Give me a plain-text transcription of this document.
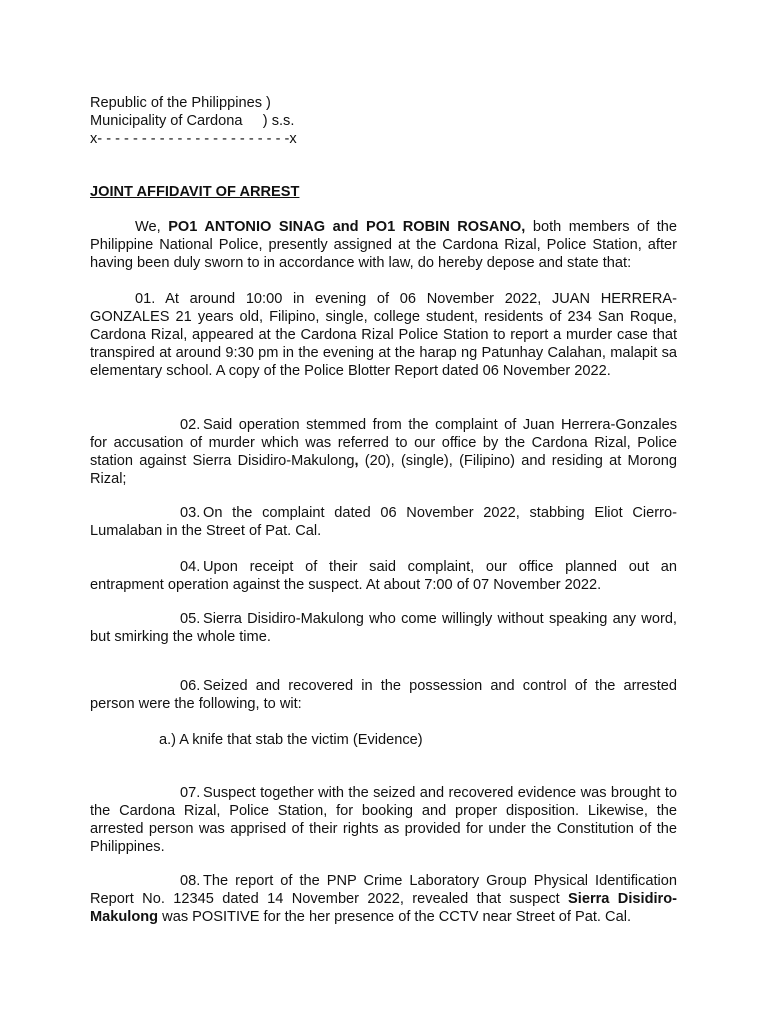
Republic of the Philippines )

Municipality of Cardona     ) s.s.

x- - - - - - - - - - - - - - - - - - - - - -x

JOINT AFFIDAVIT OF ARREST

We, PO1 ANTONIO SINAG and PO1 ROBIN ROSANO, both members of the Philippine National Police, presently assigned at the Cardona Rizal, Police Station, after having been duly sworn to in accordance with law, do hereby depose and state that:

01. At around 10:00 in evening of 06 November 2022, JUAN HERRERA-GONZALES 21 years old, Filipino, single, college student, residents of 234 San Roque, Cardona Rizal, appeared at the Cardona Rizal Police Station to report a murder case that transpired at around 9:30 pm in the evening at the harap ng Patunhay Calahan, malapit sa elementary school. A copy of the Police Blotter Report dated 06 November 2022.

02. Said operation stemmed from the complaint of Juan Herrera-Gonzales for accusation of murder which was referred to our office by the Cardona Rizal, Police station against Sierra Disidiro-Makulong, (20), (single), (Filipino) and residing at Morong Rizal;

03. On the complaint dated 06 November 2022, stabbing Eliot Cierro-Lumalaban in the Street of Pat. Cal.

04. Upon receipt of their said complaint, our office planned out an entrapment operation against the suspect. At about 7:00 of 07 November 2022.

05. Sierra Disidiro-Makulong who come willingly without speaking any word, but smirking the whole time.

06. Seized and recovered in the possession and control of the arrested person were the following, to wit:

a.) A knife that stab the victim (Evidence)

07. Suspect together with the seized and recovered evidence was brought to the Cardona Rizal, Police Station, for booking and proper disposition. Likewise, the arrested person was apprised of their rights as provided for under the Constitution of the Philippines.

08. The report of the PNP Crime Laboratory Group Physical Identification Report No. 12345 dated 14 November 2022, revealed that suspect Sierra Disidiro-Makulong was POSITIVE for the her presence of the CCTV near Street of Pat. Cal.
